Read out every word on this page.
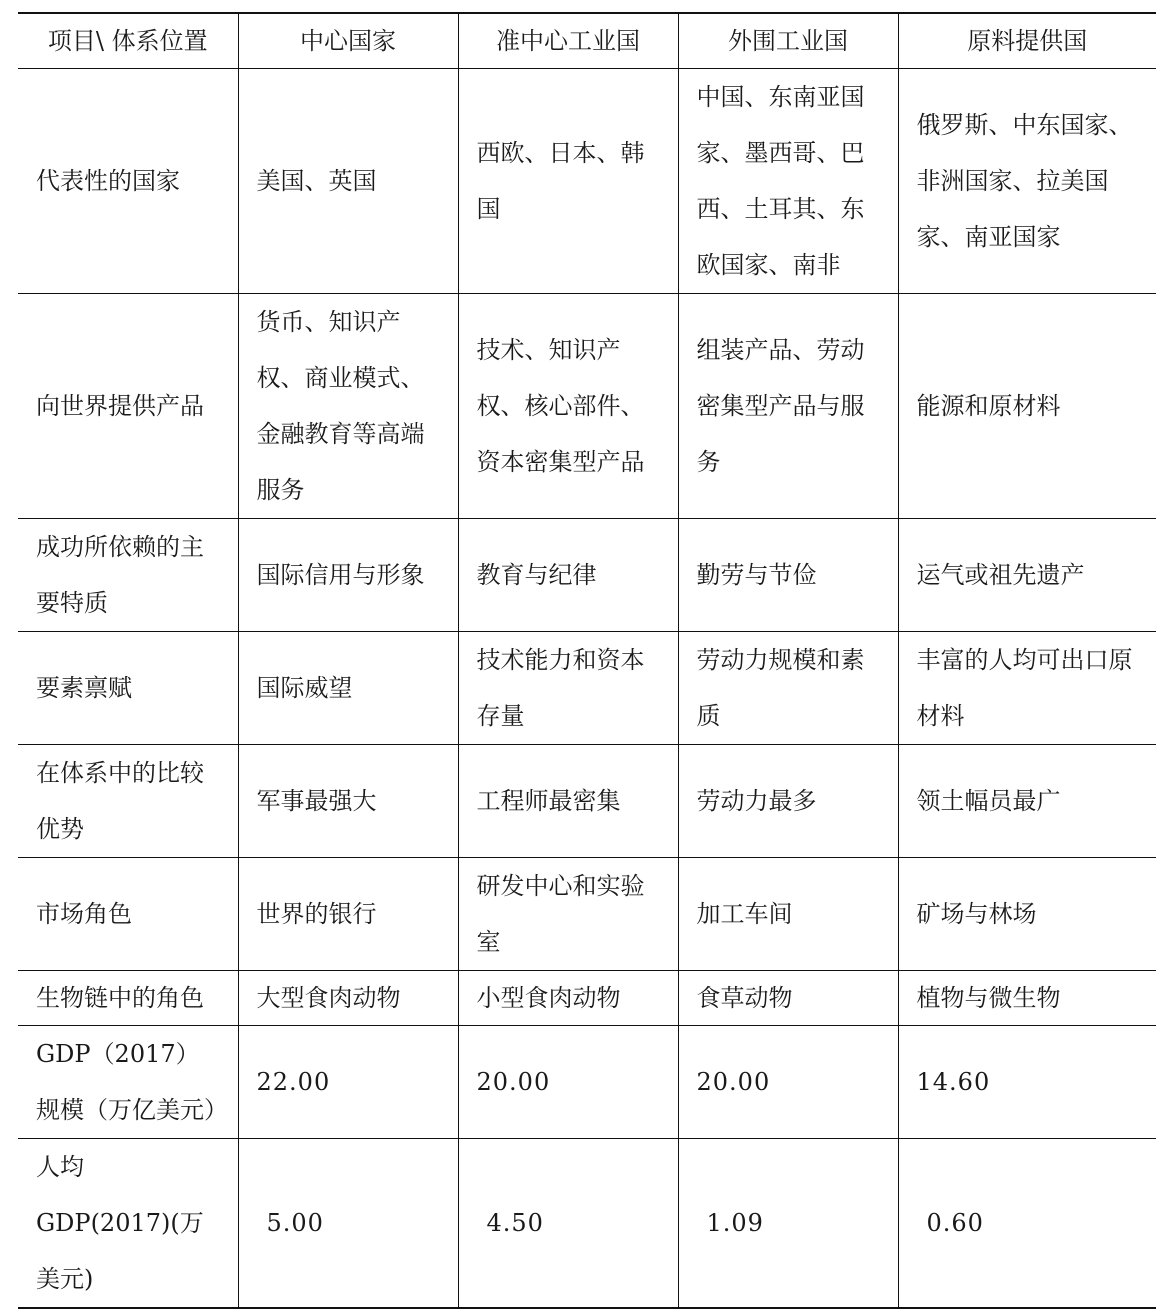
项目\ 体系位置	中心国家	准中心工业国	外围工业国	原料提供国
代表性的国家	美国、英国	西欧、日本、韩国	中国、东南亚国家、墨西哥、巴西、土耳其、东欧国家、南非	俄罗斯、中东国家、非洲国家、拉美国家、南亚国家
向世界提供产品	货币、知识产权、商业模式、金融教育等高端服务	技术、知识产权、核心部件、资本密集型产品	组装产品、劳动密集型产品与服务	能源和原材料
成功所依赖的主要特质	国际信用与形象	教育与纪律	勤劳与节俭	运气或祖先遗产
要素禀赋	国际威望	技术能力和资本存量	劳动力规模和素质	丰富的人均可出口原材料
在体系中的比较优势	军事最强大	工程师最密集	劳动力最多	领土幅员最广
市场角色	世界的银行	研发中心和实验室	加工车间	矿场与林场
生物链中的角色	大型食肉动物	小型食肉动物	食草动物	植物与微生物
GDP（2017）规模（万亿美元）	22.00	20.00	20.00	14.60
人均 GDP(2017)(万美元)	5.00	4.50	1.09	0.60
